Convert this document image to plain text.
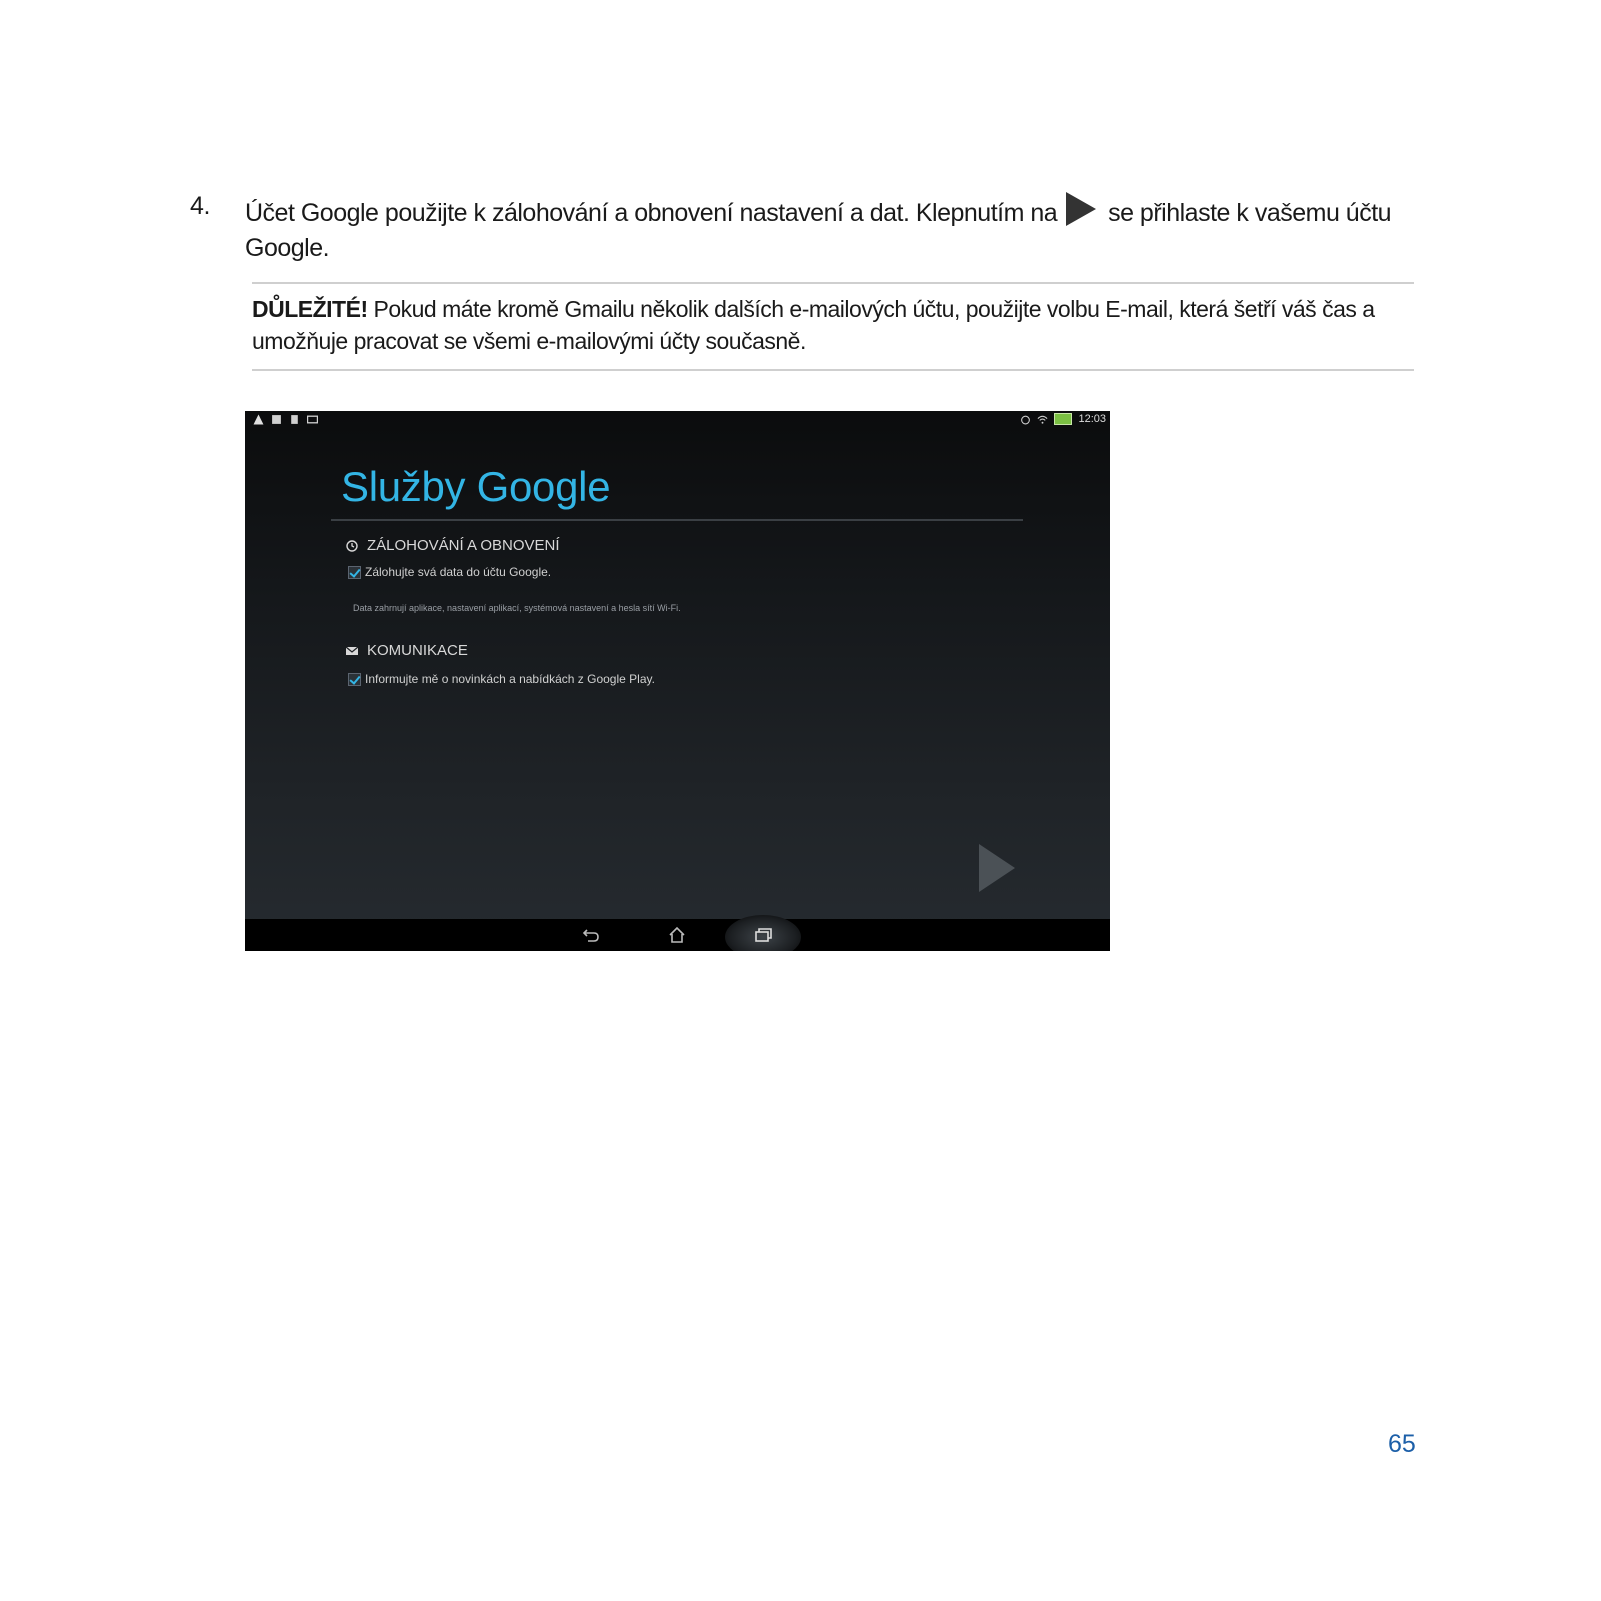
4. Účet Google použijte k zálohování a obnovení nastavení a dat. Klepnutím na se přihlaste k vašemu účtu Google.
DŮLEŽITÉ! Pokud máte kromě Gmailu několik dalších e-mailových účtu, použijte volbu E-mail, která šetří váš čas a umožňuje pracovat se všemi e-mailovými účty současně.
12:03
Služby Google
ZÁLOHOVÁNÍ A OBNOVENÍ
Zálohujte svá data do účtu Google.
Data zahrnují aplikace, nastavení aplikací, systémová nastavení a hesla sítí Wi-Fi.
KOMUNIKACE
Informujte mě o novinkách a nabídkách z Google Play.
65
